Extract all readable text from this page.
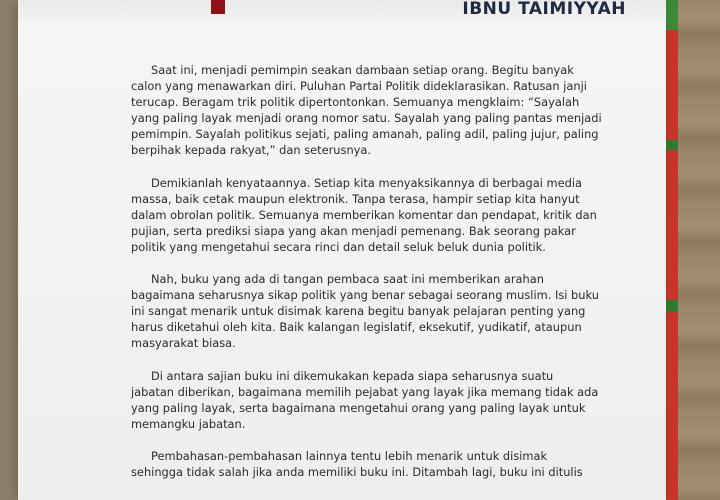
IBNU TAIMIYYAH

Saat ini, menjadi pemimpin seakan dambaan setiap orang. Begitu banyak
calon yang menawarkan diri. Puluhan Partai Politik dideklarasikan. Ratusan janji
terucap. Beragam trik politik dipertontonkan. Semuanya mengklaim: “Sayalah
yang paling layak menjadi orang nomor satu. Sayalah yang paling pantas menjadi
pemimpin. Sayalah politikus sejati, paling amanah, paling adil, paling jujur, paling
berpihak kepada rakyat,” dan seterusnya.

Demikianlah kenyataannya. Setiap kita menyaksikannya di berbagai media
massa, baik cetak maupun elektronik. Tanpa terasa, hampir setiap kita hanyut
dalam obrolan politik. Semuanya memberikan komentar dan pendapat, kritik dan
pujian, serta prediksi siapa yang akan menjadi pemenang. Bak seorang pakar
politik yang mengetahui secara rinci dan detail seluk beluk dunia politik.

Nah, buku yang ada di tangan pembaca saat ini memberikan arahan
bagaimana seharusnya sikap politik yang benar sebagai seorang muslim. Isi buku
ini sangat menarik untuk disimak karena begitu banyak pelajaran penting yang
harus diketahui oleh kita. Baik kalangan legislatif, eksekutif, yudikatif, ataupun
masyarakat biasa.

Di antara sajian buku ini dikemukakan kepada siapa seharusnya suatu
jabatan diberikan, bagaimana memilih pejabat yang layak jika memang tidak ada
yang paling layak, serta bagaimana mengetahui orang yang paling layak untuk
memangku jabatan.

Pembahasan-pembahasan lainnya tentu lebih menarik untuk disimak
sehingga tidak salah jika anda memiliki buku ini. Ditambah lagi, buku ini ditulis
